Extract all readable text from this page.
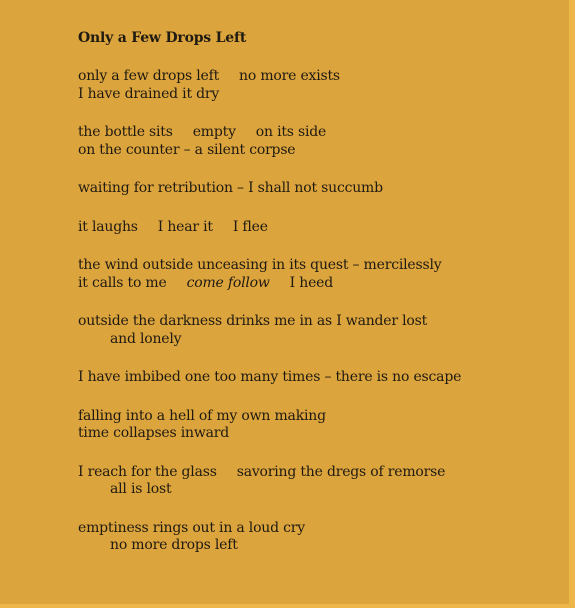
Only a Few Drops Left
only a few drops left no more exists
I have drained it dry
the bottle sits empty on its side
on the counter – a silent corpse
waiting for retribution – I shall not succumb
it laughs I hear it I flee
the wind outside unceasing in its quest – mercilessly
it calls to me come follow I heed
outside the darkness drinks me in as I wander lost
and lonely
I have imbibed one too many times – there is no escape
falling into a hell of my own making
time collapses inward
I reach for the glass savoring the dregs of remorse
all is lost
emptiness rings out in a loud cry
no more drops left
